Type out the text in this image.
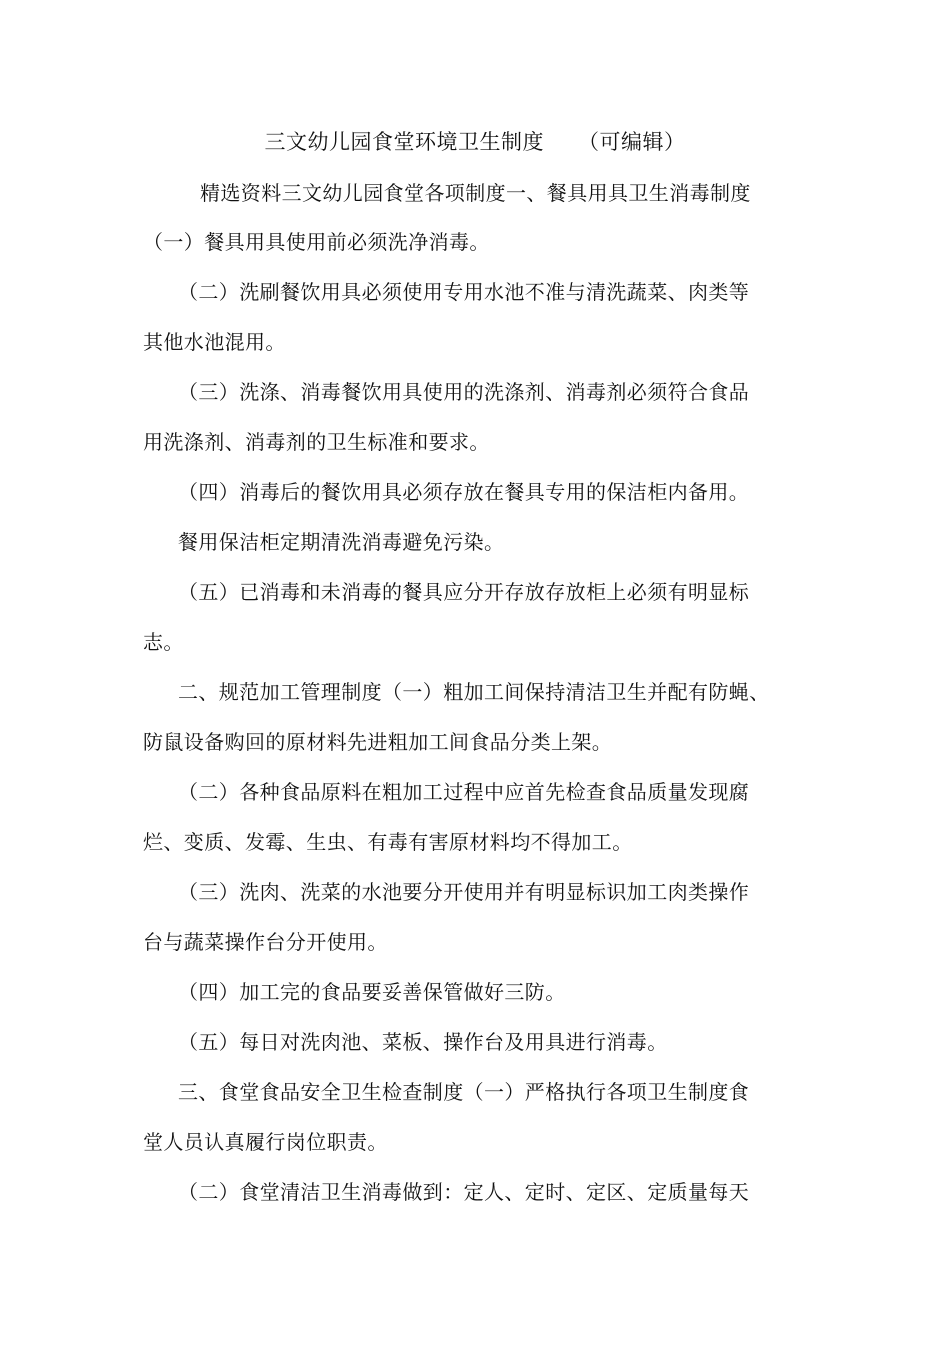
三文幼儿园食堂环境卫生制度 （可编辑）
精选资料三文幼儿园食堂各项制度一、餐具用具卫生消毒制度
（一）餐具用具使用前必须洗净消毒。
（二）洗刷餐饮用具必须使用专用水池不准与清洗蔬菜、肉类等
其他水池混用。
（三）洗涤、消毒餐饮用具使用的洗涤剂、消毒剂必须符合食品
用洗涤剂、消毒剂的卫生标准和要求。
（四）消毒后的餐饮用具必须存放在餐具专用的保洁柜内备用。
餐用保洁柜定期清洗消毒避免污染。
（五）已消毒和未消毒的餐具应分开存放存放柜上必须有明显标
志。
二、规范加工管理制度（一）粗加工间保持清洁卫生并配有防蝇、
防鼠设备购回的原材料先进粗加工间食品分类上架。
（二）各种食品原料在粗加工过程中应首先检查食品质量发现腐
烂、变质、发霉、生虫、有毒有害原材料均不得加工。
（三）洗肉、洗菜的水池要分开使用并有明显标识加工肉类操作
台与蔬菜操作台分开使用。
（四）加工完的食品要妥善保管做好三防。
（五）每日对洗肉池、菜板、操作台及用具进行消毒。
三、食堂食品安全卫生检查制度（一）严格执行各项卫生制度食
堂人员认真履行岗位职责。
（二）食堂清洁卫生消毒做到：定人、定时、定区、定质量每天
